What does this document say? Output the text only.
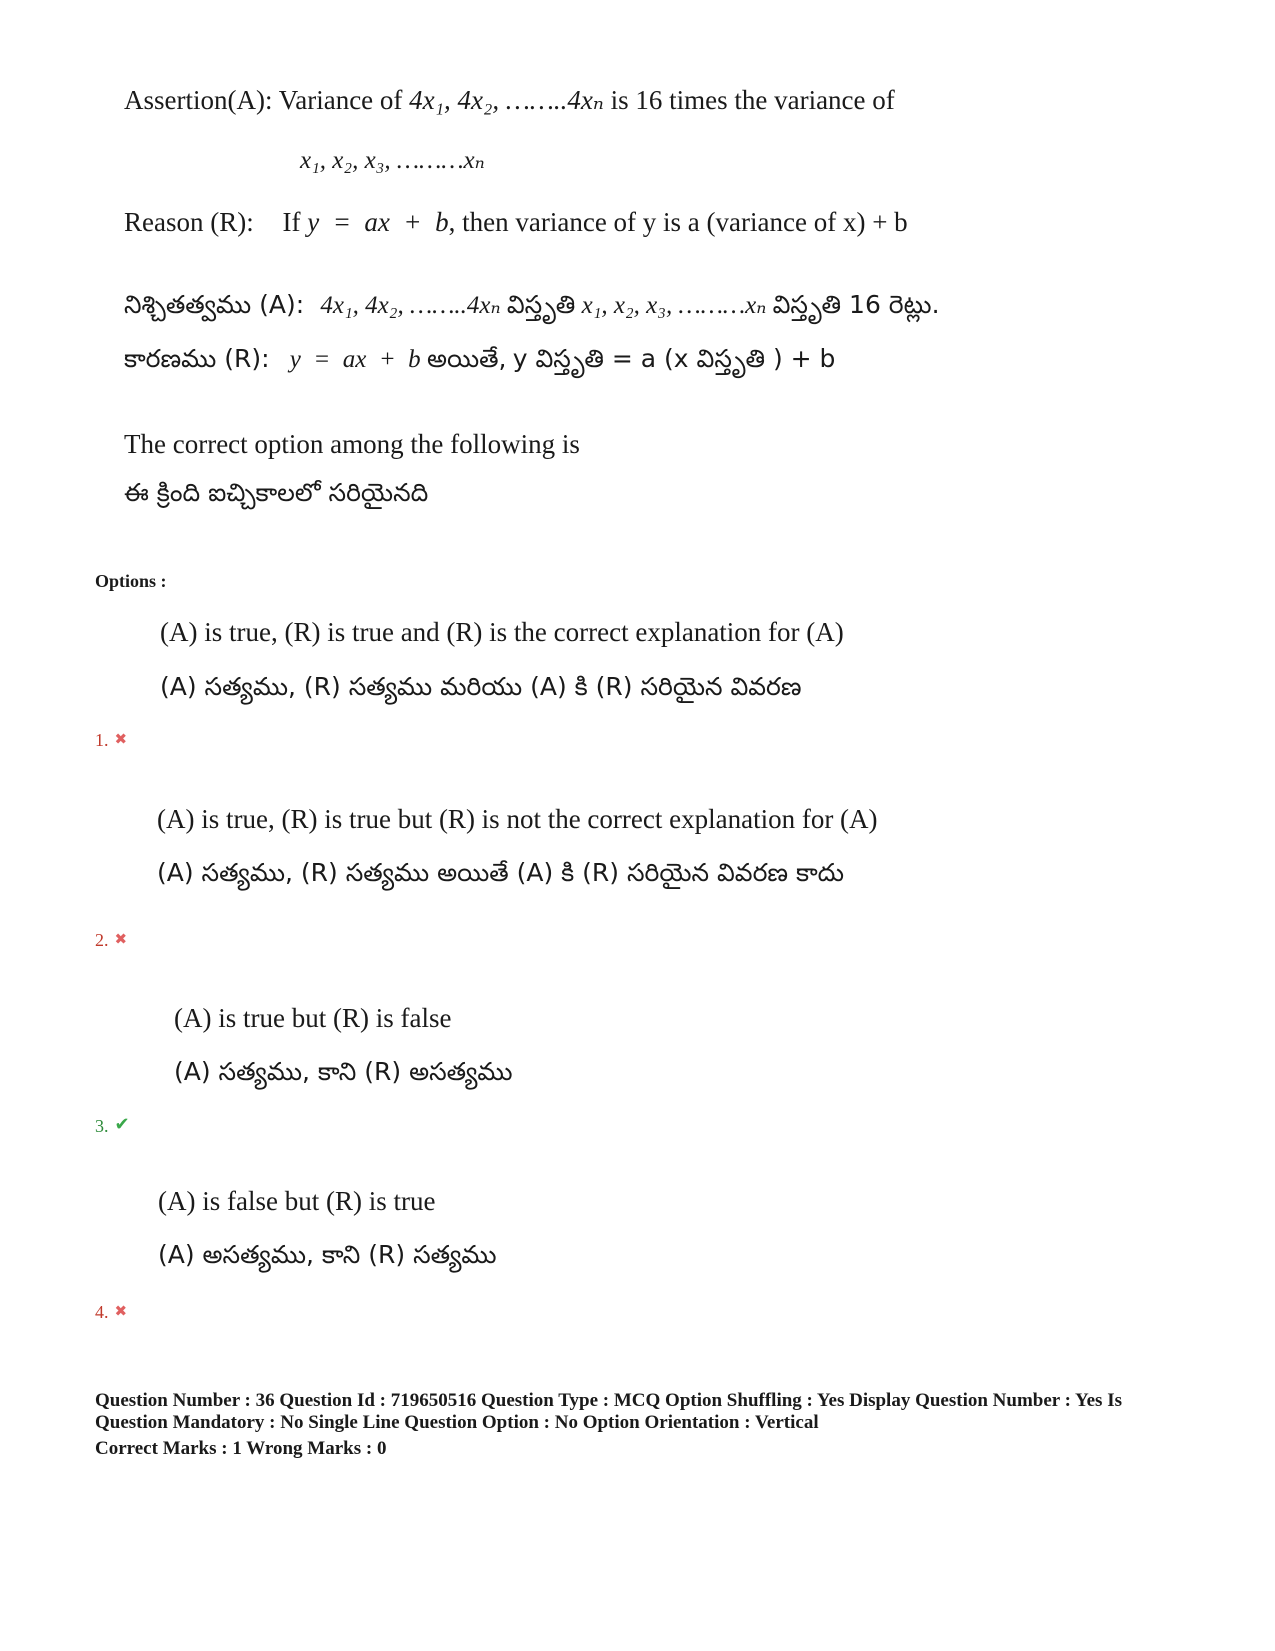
Assertion(A): Variance of 4x₁, 4x₂, ……..4xₙ is 16 times the variance of
x₁, x₂, x₃, ………xₙ
Reason (R): If y  =  ax  +  b, then variance of y is a (variance of x) + b
నిశ్చితత్వము (A): 4x₁, 4x₂, ……..4xₙ విస్తృతి x₁, x₂, x₃, ………xₙ విస్తృతి 16 రెట్లు.
కారణము (R): y  =  ax  +  b అయితే, y విస్తృతి = a (x విస్తృతి ) + b
The correct option among the following is
ఈ క్రింది ఐచ్చికాలలో సరియైనది
Options :
(A) is true, (R) is true and (R) is the correct explanation for (A)
(A) సత్యము, (R) సత్యము మరియు (A) కి (R) సరియైన వివరణ
1. ✖
(A) is true, (R) is true but (R) is not the correct explanation for (A)
(A) సత్యము, (R) సత్యము అయితే (A) కి (R) సరియైన వివరణ కాదు
2. ✖
(A) is true but (R) is false
(A) సత్యము, కాని (R) అసత్యము
3. ✔
(A) is false but (R) is true
(A) అసత్యము, కాని (R) సత్యము
4. ✖
Question Number : 36 Question Id : 719650516 Question Type : MCQ Option Shuffling : Yes Display Question Number : Yes Is
Question Mandatory : No Single Line Question Option : No Option Orientation : Vertical
Correct Marks : 1 Wrong Marks : 0
